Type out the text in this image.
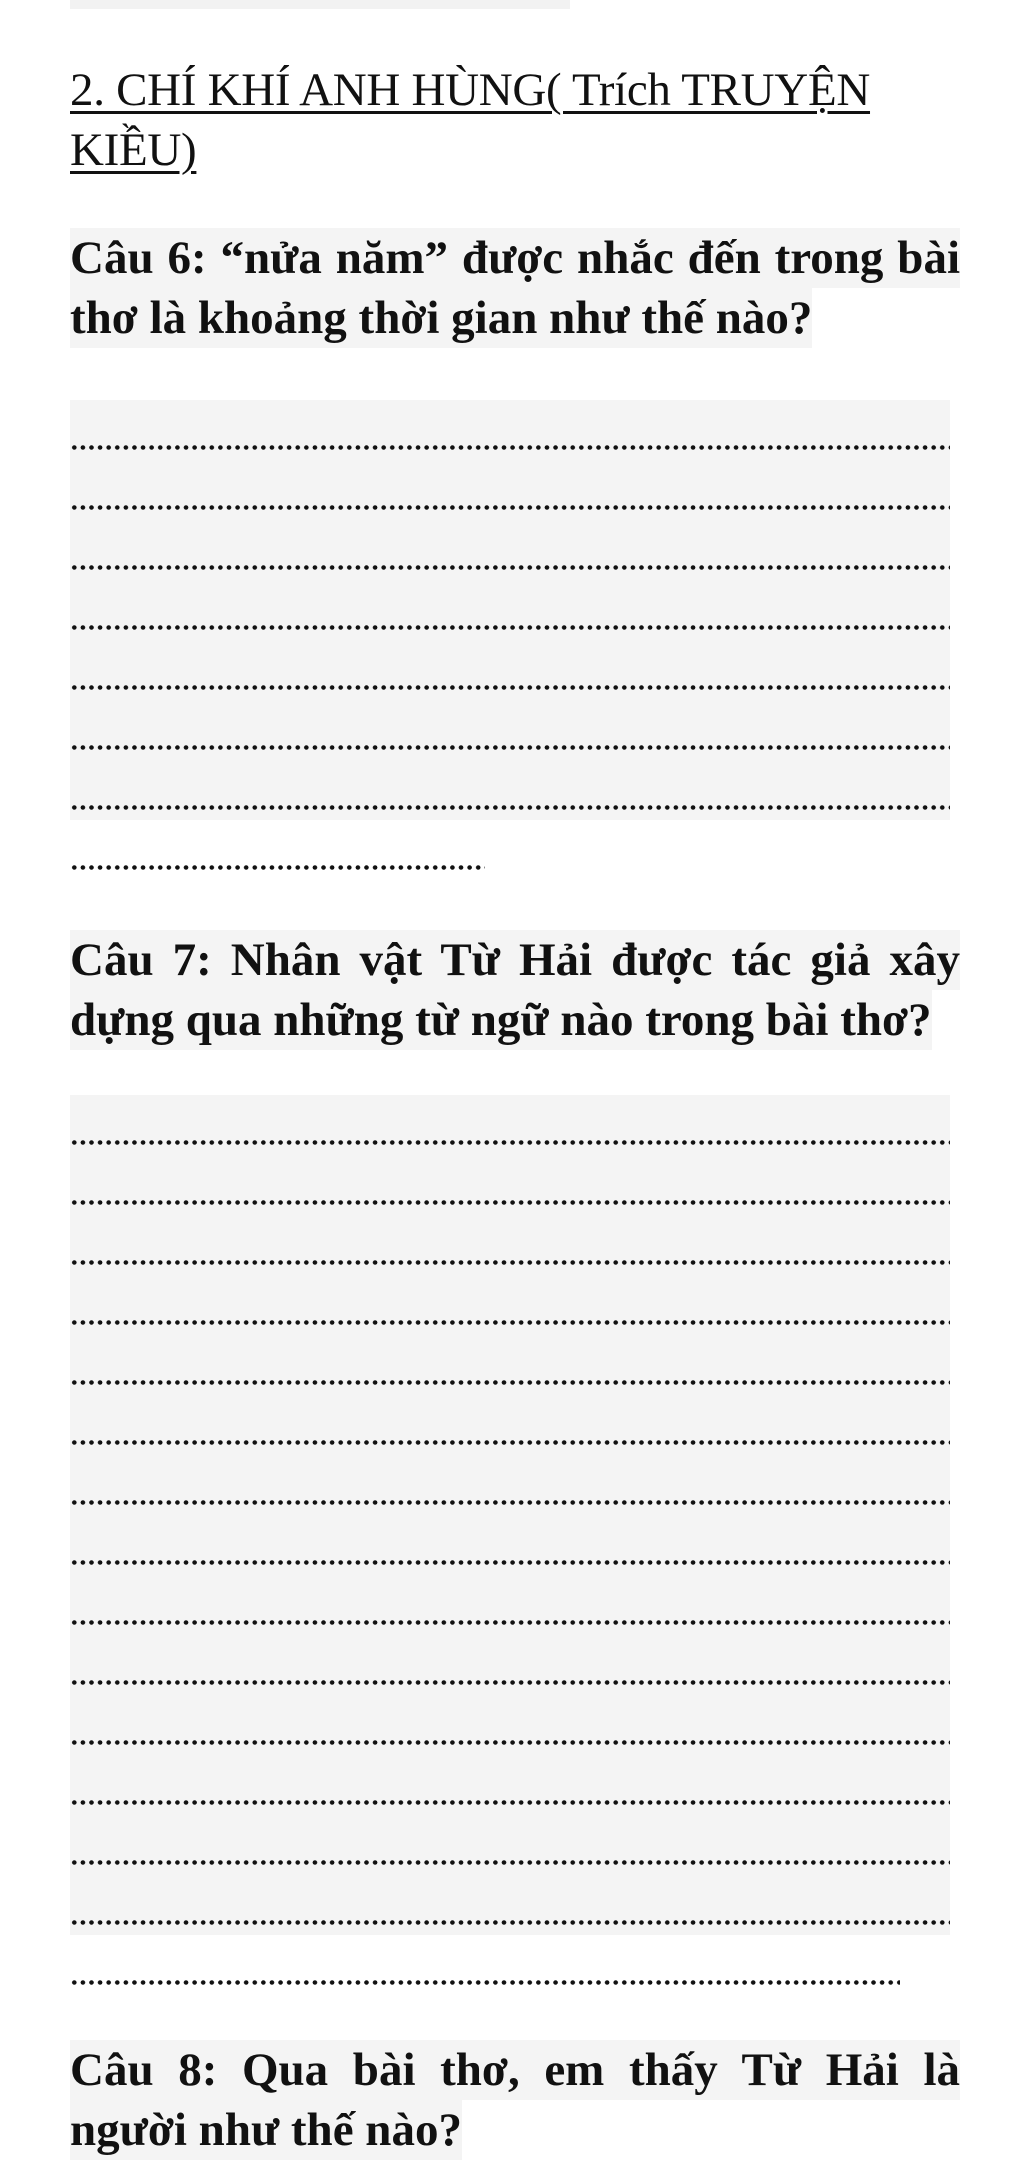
2. CHÍ KHÍ ANH HÙNG( Trích TRUYỆN KIỀU)
Câu 6: “nửa năm” được nhắc đến trong bài
thơ là khoảng thời gian như thế nào?
Câu 7: Nhân vật Từ Hải được tác giả xây
dựng qua những từ ngữ nào trong bài thơ?
Câu 8: Qua bài thơ, em thấy Từ Hải là
người như thế nào?
